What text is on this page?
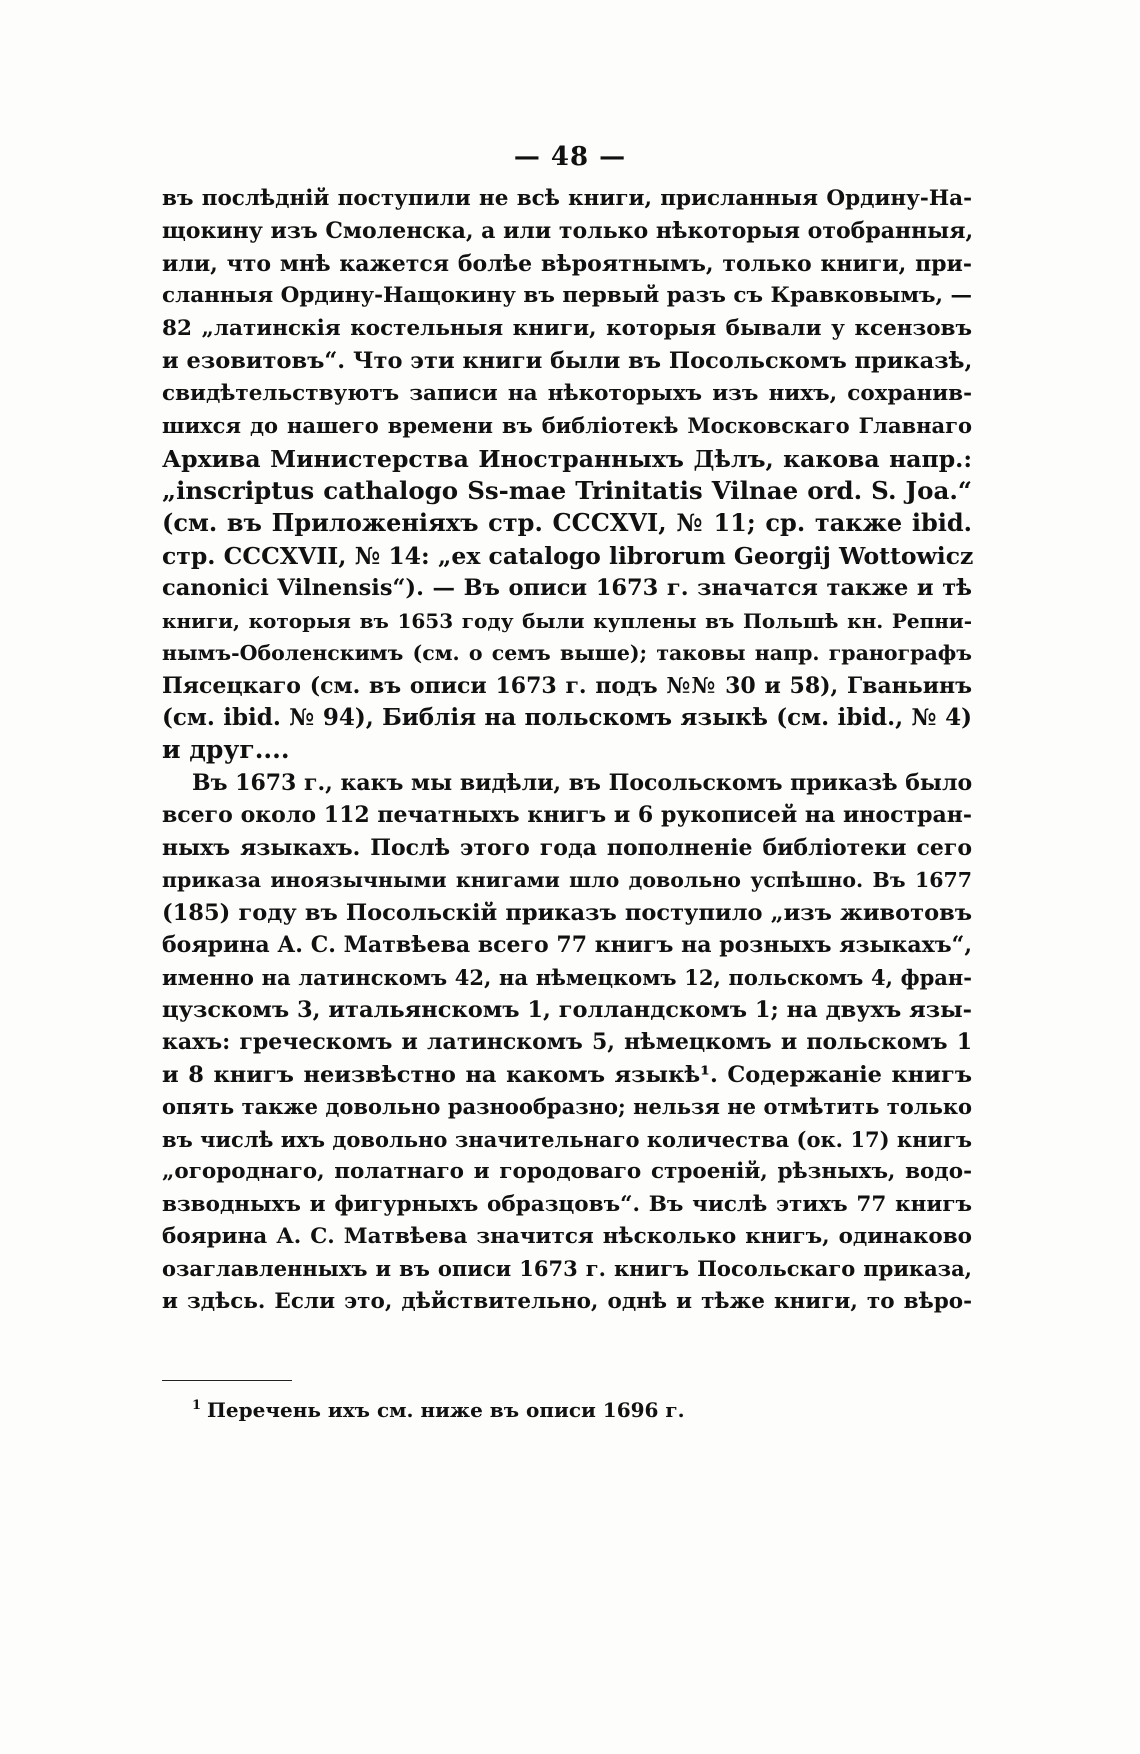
— 48 —
въ послѣдній поступили не всѣ книги, присланныя Ордину-На-
щокину изъ Смоленска, а или только нѣкоторыя отобранныя,
или, что мнѣ кажется болѣе вѣроятнымъ, только книги, при-
сланныя Ордину-Нащокину въ первый разъ съ Кравковымъ, —
82 „латинскія костельныя книги, которыя бывали у ксензовъ
и езовитовъ“. Что эти книги были въ Посольскомъ приказѣ,
свидѣтельствуютъ записи на нѣкоторыхъ изъ нихъ, сохранив-
шихся до нашего времени въ библіотекѣ Московскаго Главнаго
Архива Министерства Иностранныхъ Дѣлъ, какова напр.:
„inscriptus cathalogo Ss-mae Trinitatis Vilnae ord. S. Joa.“
(см. въ Приложеніяхъ стр. CCCXVI, № 11; ср. также ibid.
стр. CCCXVII, № 14: „ex catalogo librorum Georgij Wottowicz
canonici Vilnensis“). — Въ описи 1673 г. значатся также и тѣ
книги, которыя въ 1653 году были куплены въ Польшѣ кн. Репни-
нымъ-Оболенскимъ (см. о семъ выше); таковы напр. гранографъ
Пясецкаго (см. въ описи 1673 г. подъ №№ 30 и 58), Гваньинъ
(см. ibid. № 94), Библія на польскомъ языкѣ (см. ibid., № 4)
и друг....
Въ 1673 г., какъ мы видѣли, въ Посольскомъ приказѣ было
всего около 112 печатныхъ книгъ и 6 рукописей на иностран-
ныхъ языкахъ. Послѣ этого года пополненіе библіотеки сего
приказа иноязычными книгами шло довольно успѣшно. Въ 1677
(185) году въ Посольскій приказъ поступило „изъ животовъ
боярина А. С. Матвѣева всего 77 книгъ на розныхъ языкахъ“,
именно на латинскомъ 42, на нѣмецкомъ 12, польскомъ 4, фран-
цузскомъ 3, итальянскомъ 1, голландскомъ 1; на двухъ язы-
кахъ: греческомъ и латинскомъ 5, нѣмецкомъ и польскомъ 1
и 8 книгъ неизвѣстно на какомъ языкѣ¹. Содержаніе книгъ
опять также довольно разнообразно; нельзя не отмѣтить только
въ числѣ ихъ довольно значительнаго количества (ок. 17) книгъ
„огороднаго, полатнаго и городоваго строеній, рѣзныхъ, водо-
взводныхъ и фигурныхъ образцовъ“. Въ числѣ этихъ 77 книгъ
боярина А. С. Матвѣева значится нѣсколько книгъ, одинаково
озаглавленныхъ и въ описи 1673 г. книгъ Посольскаго приказа,
и здѣсь. Если это, дѣйствительно, однѣ и тѣже книги, то вѣро-
$^1$ Перечень ихъ см. ниже въ описи 1696 г.
